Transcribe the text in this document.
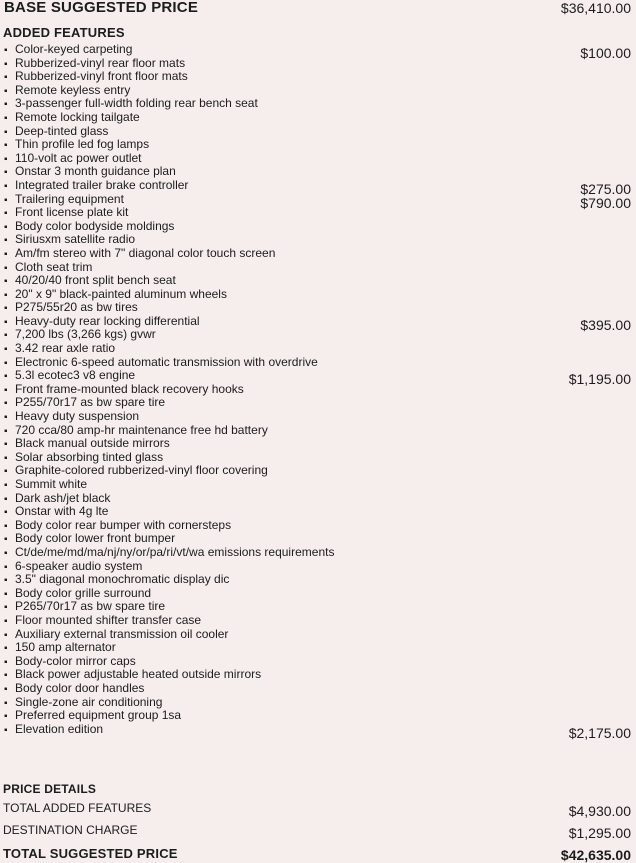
BASE SUGGESTED PRICE	$36,410.00
ADDED FEATURES
▪ Color-keyed carpeting	$100.00
▪ Rubberized-vinyl rear floor mats
▪ Rubberized-vinyl front floor mats
▪ Remote keyless entry
▪ 3-passenger full-width folding rear bench seat
▪ Remote locking tailgate
▪ Deep-tinted glass
▪ Thin profile led fog lamps
▪ 110-volt ac power outlet
▪ Onstar 3 month guidance plan
▪ Integrated trailer brake controller	$275.00
▪ Trailering equipment	$790.00
▪ Front license plate kit
▪ Body color bodyside moldings
▪ Siriusxm satellite radio
▪ Am/fm stereo with 7" diagonal color touch screen
▪ Cloth seat trim
▪ 40/20/40 front split bench seat
▪ 20" x 9" black-painted aluminum wheels
▪ P275/55r20 as bw tires
▪ Heavy-duty rear locking differential	$395.00
▪ 7,200 lbs (3,266 kgs) gvwr
▪ 3.42 rear axle ratio
▪ Electronic 6-speed automatic transmission with overdrive
▪ 5.3l ecotec3 v8 engine	$1,195.00
▪ Front frame-mounted black recovery hooks
▪ P255/70r17 as bw spare tire
▪ Heavy duty suspension
▪ 720 cca/80 amp-hr maintenance free hd battery
▪ Black manual outside mirrors
▪ Solar absorbing tinted glass
▪ Graphite-colored rubberized-vinyl floor covering
▪ Summit white
▪ Dark ash/jet black
▪ Onstar with 4g lte
▪ Body color rear bumper with cornersteps
▪ Body color lower front bumper
▪ Ct/de/me/md/ma/nj/ny/or/pa/ri/vt/wa emissions requirements
▪ 6-speaker audio system
▪ 3.5" diagonal monochromatic display dic
▪ Body color grille surround
▪ P265/70r17 as bw spare tire
▪ Floor mounted shifter transfer case
▪ Auxiliary external transmission oil cooler
▪ 150 amp alternator
▪ Body-color mirror caps
▪ Black power adjustable heated outside mirrors
▪ Body color door handles
▪ Single-zone air conditioning
▪ Preferred equipment group 1sa
▪ Elevation edition	$2,175.00
PRICE DETAILS
TOTAL ADDED FEATURES	$4,930.00
DESTINATION CHARGE	$1,295.00
TOTAL SUGGESTED PRICE	$42,635.00
